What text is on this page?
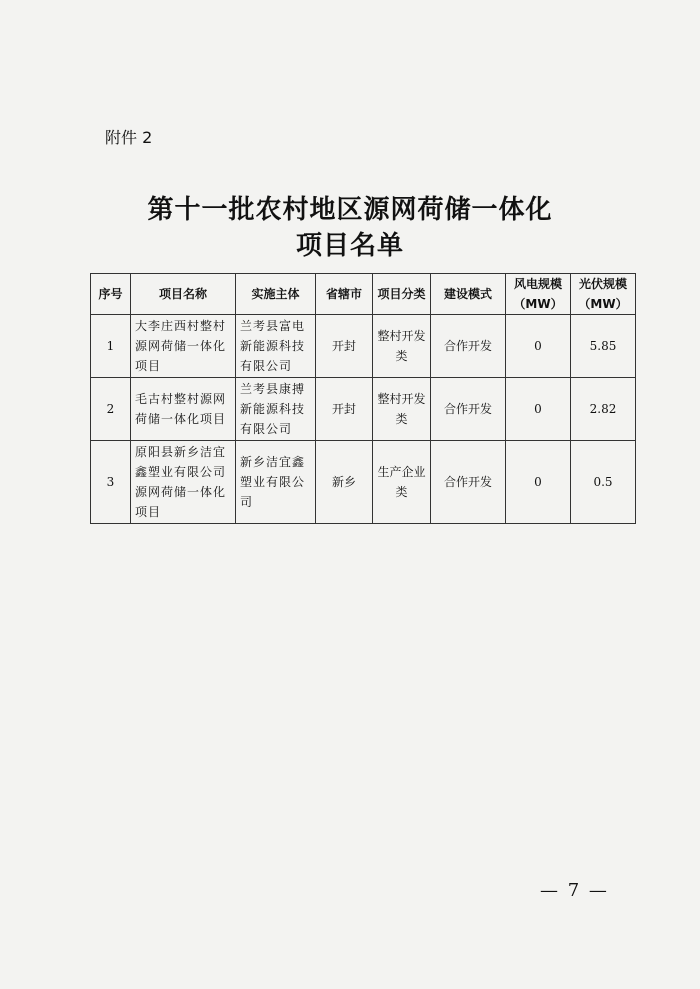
附件 2
第十一批农村地区源网荷储一体化
项目名单
序号	项目名称	实施主体	省辖市	项目分类	建设模式	风电规模（MW）	光伏规模（MW）
1	大李庄西村整村源网荷储一体化项目	兰考县富电新能源科技有限公司	开封	整村开发类	合作开发	0	5.85
2	毛古村整村源网荷储一体化项目	兰考县康搏新能源科技有限公司	开封	整村开发类	合作开发	0	2.82
3	原阳县新乡洁宜鑫塑业有限公司源网荷储一体化项目	新乡洁宜鑫塑业有限公司	新乡	生产企业类	合作开发	0	0.5
— 7 —
